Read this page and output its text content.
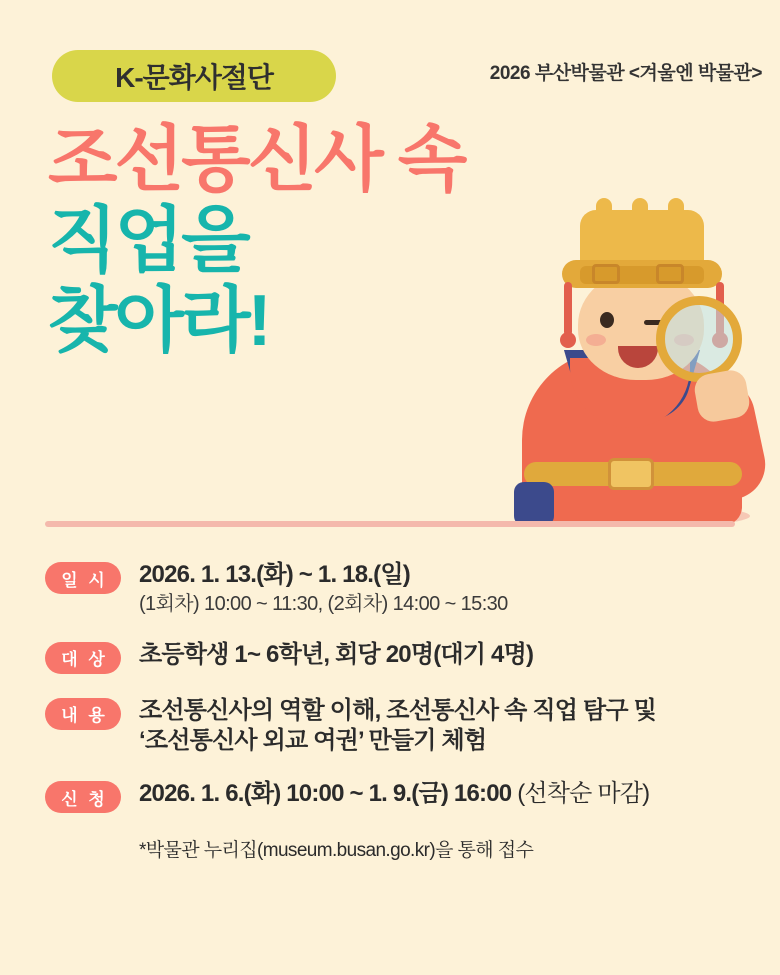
K-문화사절단	2026 부산박물관 <겨울엔 박물관>
조선통신사 속
직업을
찾아라!
일 시	2026. 1. 13.(화) ~ 1. 18.(일)
(1회차) 10:00 ~ 11:30, (2회차) 14:00 ~ 15:30
대 상	초등학생 1~ 6학년, 회당 20명(대기 4명)
내 용	조선통신사의 역할 이해, 조선통신사 속 직업 탐구 및
‘조선통신사 외교 여권’ 만들기 체험
신 청	2026. 1. 6.(화) 10:00 ~ 1. 9.(금) 16:00 (선착순 마감)
*박물관 누리집(museum.busan.go.kr)을 통해 접수
